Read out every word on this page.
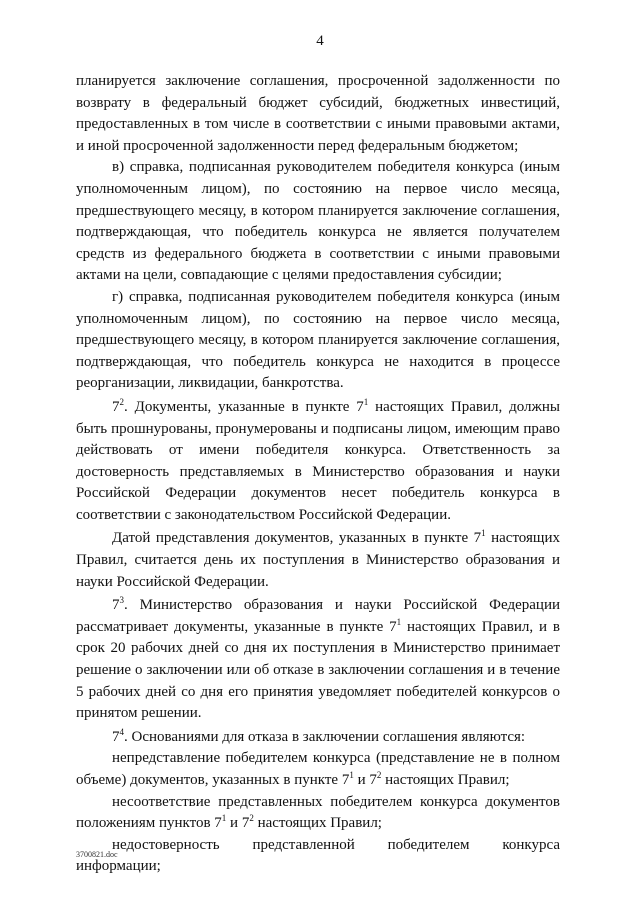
4

планируется заключение соглашения, просроченной задолженности по возврату в федеральный бюджет субсидий, бюджетных инвестиций, предоставленных в том числе в соответствии с иными правовыми актами, и иной просроченной задолженности перед федеральным бюджетом;

в) справка, подписанная руководителем победителя конкурса (иным уполномоченным лицом), по состоянию на первое число месяца, предшествующего месяцу, в котором планируется заключение соглашения, подтверждающая, что победитель конкурса не является получателем средств из федерального бюджета в соответствии с иными правовыми актами на цели, совпадающие с целями предоставления субсидии;

г) справка, подписанная руководителем победителя конкурса (иным уполномоченным лицом), по состоянию на первое число месяца, предшествующего месяцу, в котором планируется заключение соглашения, подтверждающая, что победитель конкурса не находится в процессе реорганизации, ликвидации, банкротства.

$7^2$. Документы, указанные в пункте $7^1$ настоящих Правил, должны быть прошнурованы, пронумерованы и подписаны лицом, имеющим право действовать от имени победителя конкурса. Ответственность за достоверность представляемых в Министерство образования и науки Российской Федерации документов несет победитель конкурса в соответствии с законодательством Российской Федерации.

Датой представления документов, указанных в пункте $7^1$ настоящих Правил, считается день их поступления в Министерство образования и науки Российской Федерации.

$7^3$. Министерство образования и науки Российской Федерации рассматривает документы, указанные в пункте $7^1$ настоящих Правил, и в срок 20 рабочих дней со дня их поступления в Министерство принимает решение о заключении или об отказе в заключении соглашения и в течение 5 рабочих дней со дня его принятия уведомляет победителей конкурсов о принятом решении.

$7^4$. Основаниями для отказа в заключении соглашения являются:

непредставление победителем конкурса (представление не в полном объеме) документов, указанных в пункте $7^1$ и $7^2$ настоящих Правил;

несоответствие представленных победителем конкурса документов положениям пунктов $7^1$ и $7^2$ настоящих Правил;

недостоверность представленной победителем конкурса информации;

3700821.doc
